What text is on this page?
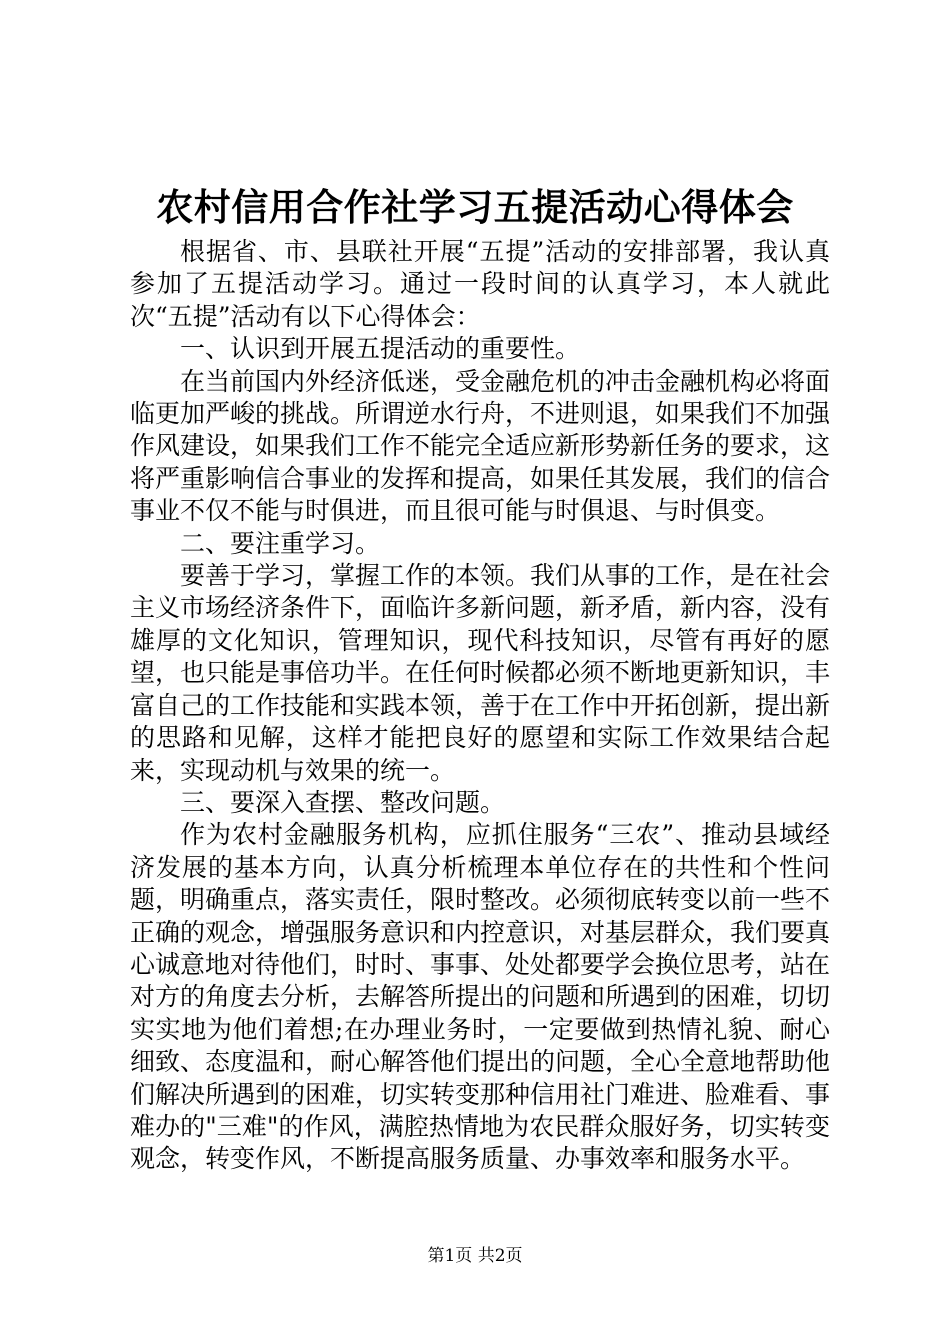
农村信用合作社学习五提活动心得体会

根据省、市、县联社开展“五提”活动的安排部署，我认真参加了五提活动学习。通过一段时间的认真学习，本人就此次“五提”活动有以下心得体会：

一、认识到开展五提活动的重要性。

在当前国内外经济低迷，受金融危机的冲击金融机构必将面临更加严峻的挑战。所谓逆水行舟，不进则退，如果我们不加强作风建设，如果我们工作不能完全适应新形势新任务的要求，这将严重影响信合事业的发挥和提高，如果任其发展，我们的信合事业不仅不能与时俱进，而且很可能与时俱退、与时俱变。

二、要注重学习。

要善于学习，掌握工作的本领。我们从事的工作，是在社会主义市场经济条件下，面临许多新问题，新矛盾，新内容，没有雄厚的文化知识，管理知识，现代科技知识，尽管有再好的愿望，也只能是事倍功半。在任何时候都必须不断地更新知识，丰富自己的工作技能和实践本领，善于在工作中开拓创新，提出新的思路和见解，这样才能把良好的愿望和实际工作效果结合起来，实现动机与效果的统一。

三、要深入查摆、整改问题。

作为农村金融服务机构，应抓住服务“三农”、推动县域经济发展的基本方向，认真分析梳理本单位存在的共性和个性问题，明确重点，落实责任，限时整改。必须彻底转变以前一些不正确的观念，增强服务意识和内控意识，对基层群众，我们要真心诚意地对待他们，时时、事事、处处都要学会换位思考，站在对方的角度去分析，去解答所提出的问题和所遇到的困难，切切实实地为他们着想;在办理业务时，一定要做到热情礼貌、耐心细致、态度温和，耐心解答他们提出的问题，全心全意地帮助他们解决所遇到的困难，切实转变那种信用社门难进、脸难看、事难办的"三难"的作风，满腔热情地为农民群众服好务，切实转变观念，转变作风，不断提高服务质量、办事效率和服务水平。

第1页 共2页
